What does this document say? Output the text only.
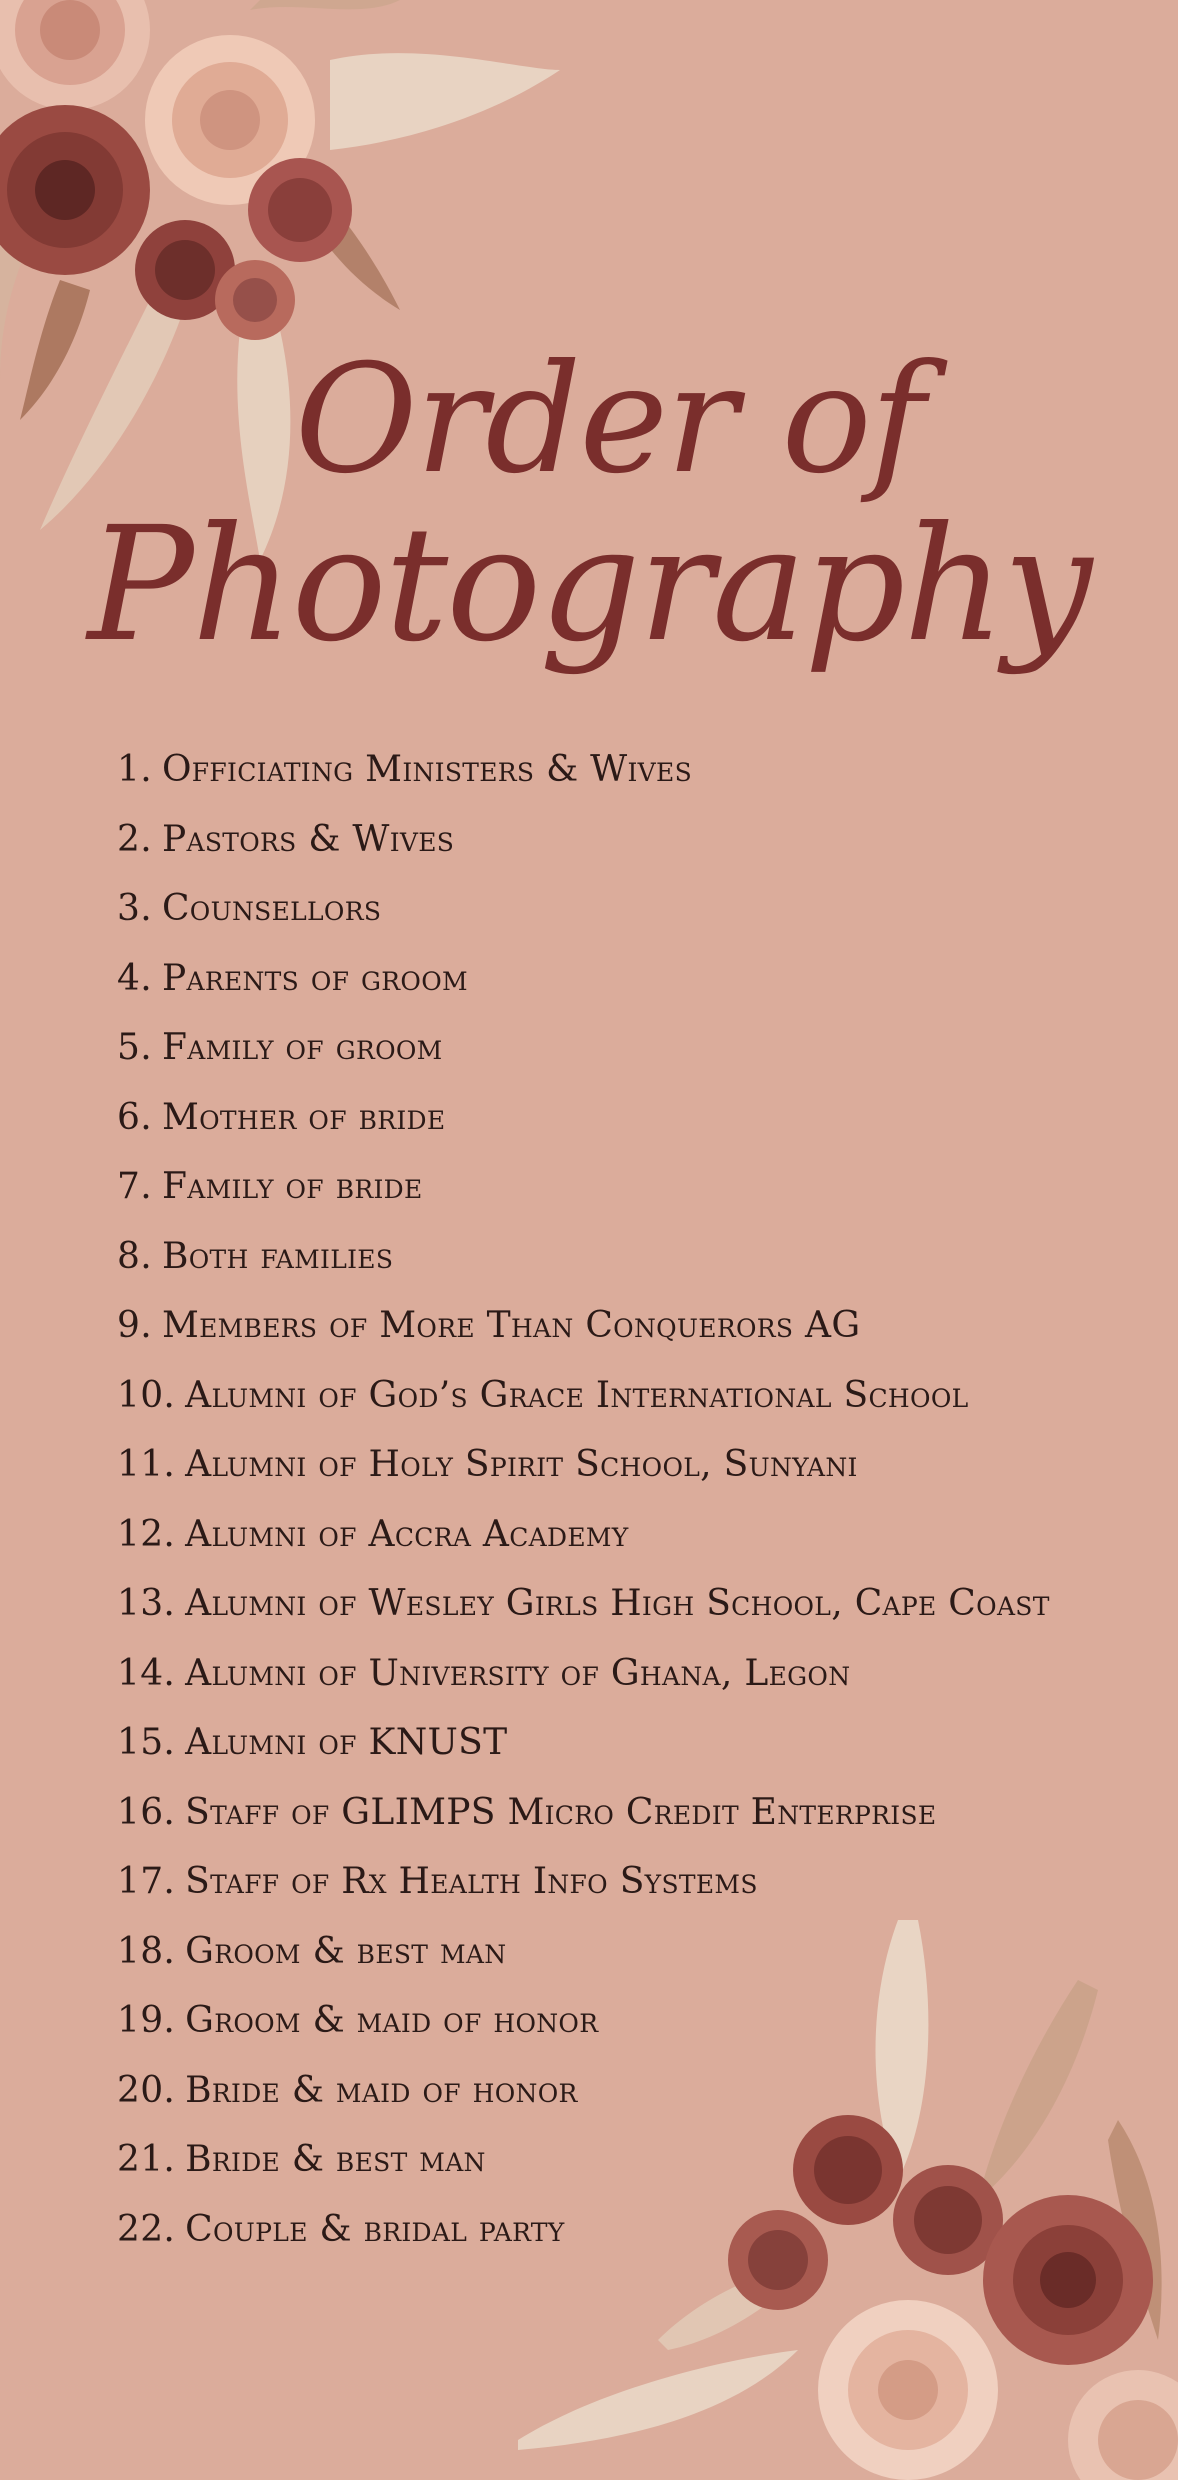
Order of
Photography
1. Officiating Ministers & Wives
2. Pastors & Wives
3. Counsellors
4. Parents of groom
5. Family of groom
6. Mother of bride
7. Family of bride
8. Both families
9. Members of More Than Conquerors AG
10. Alumni of God’s Grace International School
11. Alumni of Holy Spirit School, Sunyani
12. Alumni of Accra Academy
13. Alumni of Wesley Girls High School, Cape Coast
14. Alumni of University of Ghana, Legon
15. Alumni of KNUST
16. Staff of GLIMPS Micro Credit Enterprise
17. Staff of Rx Health Info Systems
18. Groom & best man
19. Groom & maid of honor
20. Bride & maid of honor
21. Bride & best man
22. Couple & bridal party
